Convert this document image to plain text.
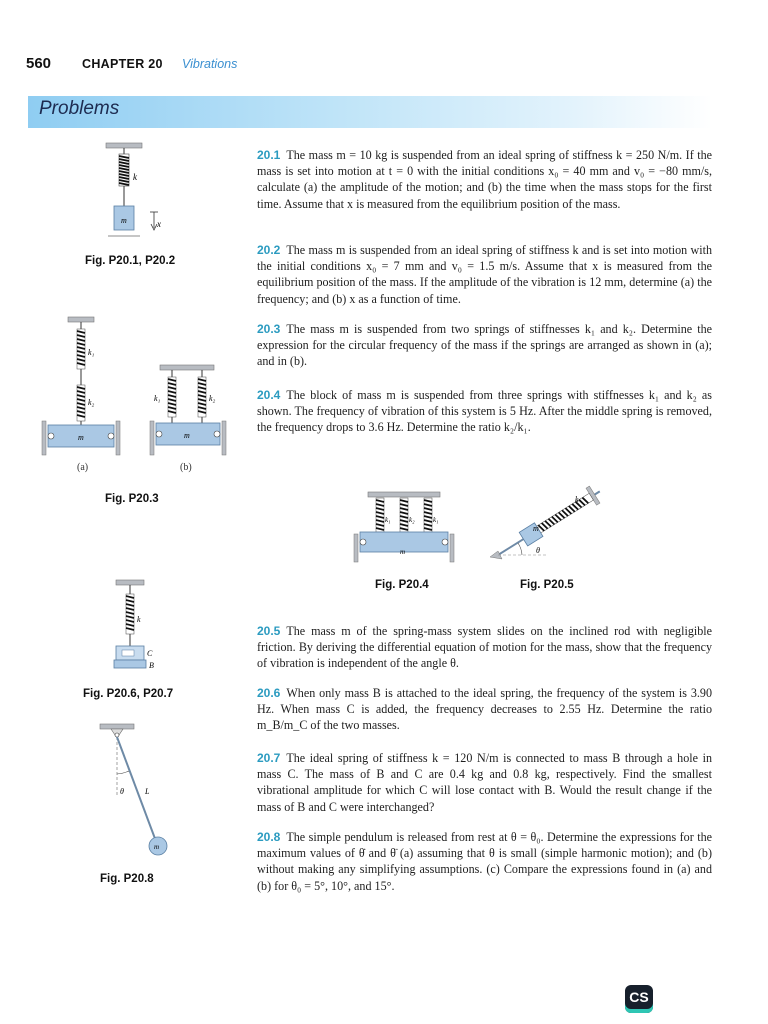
560 CHAPTER 20 Vibrations
Problems
20.1 The mass m = 10 kg is suspended from an ideal spring of stiffness k = 250 N/m. If the mass is set into motion at t = 0 with the initial conditions x₀ = 40 mm and v₀ = −80 mm/s, calculate (a) the amplitude of the motion; and (b) the time when the mass stops for the first time. Assume that x is measured from the equilibrium position of the mass.
20.2 The mass m is suspended from an ideal spring of stiffness k and is set into motion with the initial conditions x₀ = 7 mm and v₀ = 1.5 m/s. Assume that x is measured from the equilibrium position of the mass. If the amplitude of the vibration is 12 mm, determine (a) the frequency; and (b) x as a function of time.
20.3 The mass m is suspended from two springs of stiffnesses k₁ and k₂. Determine the expression for the circular frequency of the mass if the springs are arranged as shown in (a); and in (b).
20.4 The block of mass m is suspended from three springs with stiffnesses k₁ and k₂ as shown. The frequency of vibration of this system is 5 Hz. After the middle spring is removed, the frequency drops to 3.6 Hz. Determine the ratio k₂/k₁.
20.5 The mass m of the spring-mass system slides on the inclined rod with negligible friction. By deriving the differential equation of motion for the mass, show that the frequency of vibration is independent of the angle θ.
20.6 When only mass B is attached to the ideal spring, the frequency of the system is 3.90 Hz. When mass C is added, the frequency decreases to 2.55 Hz. Determine the ratio m_B/m_C of the two masses.
20.7 The ideal spring of stiffness k = 120 N/m is connected to mass B through a hole in mass C. The mass of B and C are 0.4 kg and 0.8 kg, respectively. Find the smallest vibrational amplitude for which C will lose contact with B. Would the result change if the mass of B and C were interchanged?
20.8 The simple pendulum is released from rest at θ = θ₀. Determine the expressions for the maximum values of θ̇ and θ̈ (a) assuming that θ is small (simple harmonic motion); and (b) without making any simplifying assumptions. (c) Compare the expressions found in (a) and (b) for θ₀ = 5°, 10°, and 15°.
k
m	x
Fig. P20.1, P20.2
k₁
k₂
m
k₁	k₂
m
(a)	(b)
Fig. P20.3
k₁	k₂	k₁
m
Fig. P20.4
θ
m
k
Fig. P20.5
k
C
B
Fig. P20.6, P20.7
θ	L
m
Fig. P20.8
CS
